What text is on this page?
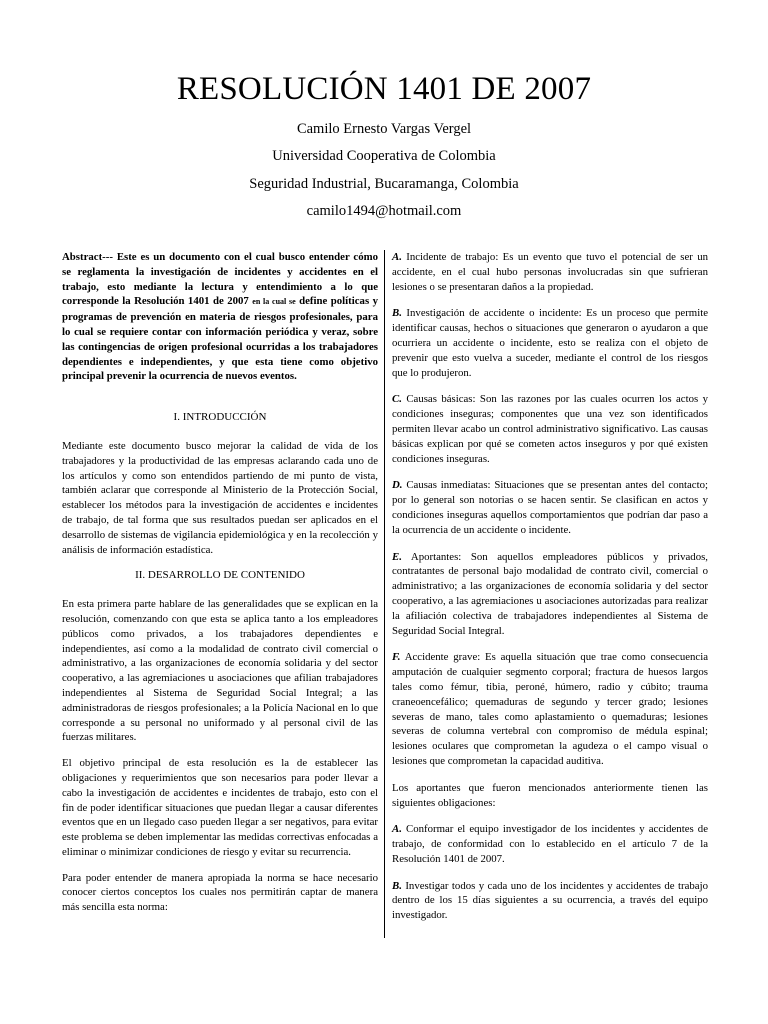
RESOLUCIÓN 1401 DE 2007
Camilo Ernesto Vargas Vergel
Universidad Cooperativa de Colombia
Seguridad Industrial, Bucaramanga, Colombia
camilo1494@hotmail.com

Abstract--- Este es un documento con el cual busco entender cómo se reglamenta la investigación de incidentes y accidentes en el trabajo, esto mediante la lectura y entendimiento a lo que corresponde la Resolución 1401 de 2007 en la cual se define políticas y programas de prevención en materia de riesgos profesionales, para lo cual se requiere contar con información periódica y veraz, sobre las contingencias de origen profesional ocurridas a los trabajadores dependientes e independientes, y que esta tiene como objetivo principal prevenir la ocurrencia de nuevos eventos.

I. INTRODUCCIÓN

Mediante este documento busco mejorar la calidad de vida de los trabajadores y la productividad de las empresas aclarando cada uno de los artículos y como son entendidos partiendo de mi punto de vista, también aclarar que corresponde al Ministerio de la Protección Social, establecer los métodos para la investigación de accidentes e incidentes de trabajo, de tal forma que sus resultados puedan ser aplicados en el desarrollo de sistemas de vigilancia epidemiológica y en la recolección y análisis de información estadística.

II. DESARROLLO DE CONTENIDO

En esta primera parte hablare de las generalidades que se explican en la resolución, comenzando con que esta se aplica tanto a los empleadores públicos como privados, a los trabajadores dependientes e independientes, así como a la modalidad de contrato civil comercial o administrativo, a las organizaciones de economía solidaria y del sector cooperativo, a las agremiaciones u asociaciones que afilian trabajadores independientes al Sistema de Seguridad Social Integral; a las administradoras de riesgos profesionales; a la Policía Nacional en lo que corresponde a su personal no uniformado y al personal civil de las fuerzas militares.

El objetivo principal de esta resolución es la de establecer las obligaciones y requerimientos que son necesarios para poder llevar a cabo la investigación de accidentes e incidentes de trabajo, esto con el fin de poder identificar situaciones que puedan llegar a causar diferentes eventos que en un llegado caso pueden llegar a ser negativos, para evitar este problema se deben implementar las medidas correctivas enfocadas a eliminar o minimizar condiciones de riesgo y evitar su recurrencia.

Para poder entender de manera apropiada la norma se hace necesario conocer ciertos conceptos los cuales nos permitirán captar de manera más sencilla esta norma:

A. Incidente de trabajo: Es un evento que tuvo el potencial de ser un accidente, en el cual hubo personas involucradas sin que sufrieran lesiones o se presentaran daños a la propiedad.

B. Investigación de accidente o incidente: Es un proceso que permite identificar causas, hechos o situaciones que generaron o ayudaron a que ocurriera un accidente o incidente, esto se realiza con el objeto de prevenir que esto vuelva a suceder, mediante el control de los riesgos que lo produjeron.

C. Causas básicas: Son las razones por las cuales ocurren los actos y condiciones inseguras; componentes que una vez son identificados permiten llevar acabo un control administrativo significativo. Las causas básicas explican por qué se cometen actos inseguros y por qué existen condiciones inseguras.

D. Causas inmediatas: Situaciones que se presentan antes del contacto; por lo general son notorias o se hacen sentir. Se clasifican en actos y condiciones inseguras aquellos comportamientos que podrían dar paso a la ocurrencia de un accidente o incidente.

E. Aportantes: Son aquellos empleadores públicos y privados, contratantes de personal bajo modalidad de contrato civil, comercial o administrativo; a las organizaciones de economía solidaria y del sector cooperativo, a las agremiaciones u asociaciones autorizadas para realizar la afiliación colectiva de trabajadores independientes al Sistema de Seguridad Social Integral.

F. Accidente grave: Es aquella situación que trae como consecuencia amputación de cualquier segmento corporal; fractura de huesos largos tales como fémur, tibia, peroné, húmero, radio y cúbito; trauma craneoencefálico; quemaduras de segundo y tercer grado; lesiones severas de mano, tales como aplastamiento o quemaduras; lesiones severas de columna vertebral con compromiso de médula espinal; lesiones oculares que comprometan la agudeza o el campo visual o lesiones que comprometan la capacidad auditiva.

Los aportantes que fueron mencionados anteriormente tienen las siguientes obligaciones:

A. Conformar el equipo investigador de los incidentes y accidentes de trabajo, de conformidad con lo establecido en el artículo 7 de la Resolución 1401 de 2007.

B. Investigar todos y cada uno de los incidentes y accidentes de trabajo dentro de los 15 días siguientes a su ocurrencia, a través del equipo investigador.
